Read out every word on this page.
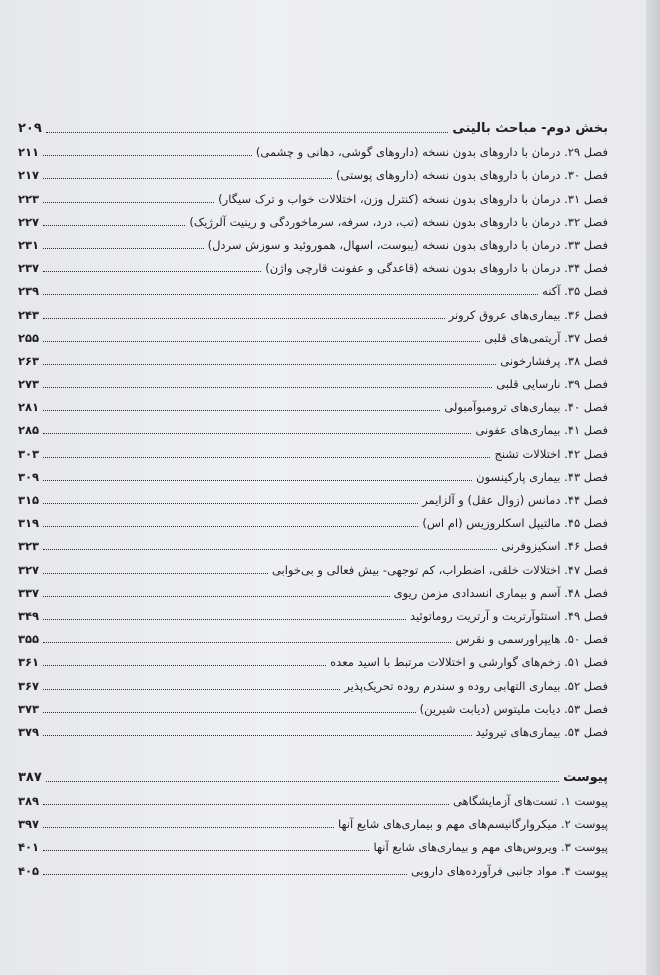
بخش دوم- مباحث بالینی
۲۰۹
فصل ۲۹. درمان با داروهای بدون نسخه (داروهای گوشی، دهانی و چشمی)
۲۱۱
فصل ۳۰. درمان با داروهای بدون نسخه (داروهای پوستی)
۲۱۷
فصل ۳۱. درمان با داروهای بدون نسخه (کنترل وزن، اختلالات خواب و ترک سیگار)
۲۲۳
فصل ۳۲. درمان با داروهای بدون نسخه (تب، درد، سرفه، سرماخوردگی و رینیت آلرژیک)
۲۲۷
فصل ۳۳. درمان با داروهای بدون نسخه (یبوست، اسهال، هموروئید و سوزش سردل)
۲۳۱
فصل ۳۴. درمان با داروهای بدون نسخه (قاعدگی و عفونت قارچی واژن)
۲۳۷
فصل ۳۵. آکنه
۲۳۹
فصل ۳۶. بیماری‌های عروق کرونر
۲۴۳
فصل ۳۷. آریتمی‌های قلبی
۲۵۵
فصل ۳۸. پرفشارخونی
۲۶۳
فصل ۳۹. نارسایی قلبی
۲۷۳
فصل ۴۰. بیماری‌های ترومبوآمبولی
۲۸۱
فصل ۴۱. بیماری‌های عفونی
۲۸۵
فصل ۴۲. اختلالات تشنج
۳۰۳
فصل ۴۳. بیماری پارکینسون
۳۰۹
فصل ۴۴. دمانس (زوال عقل) و آلزایمر
۳۱۵
فصل ۴۵. مالتیپل اسکلروزیس (ام اس)
۳۱۹
فصل ۴۶. اسکیزوفرنی
۳۲۳
فصل ۴۷. اختلالات خلقی، اضطراب، کم توجهی- بیش فعالی و بی‌خوابی
۳۲۷
فصل ۴۸. آسم و بیماری انسدادی مزمن ریوی
۳۳۷
فصل ۴۹. استئوآرتریت و آرتریت روماتوئید
۳۴۹
فصل ۵۰. هایپراورسمی و نقرس
۳۵۵
فصل ۵۱. زخم‌های گوارشی و اختلالات مرتبط با اسید معده
۳۶۱
فصل ۵۲. بیماری التهابی روده و سندرم روده تحریک‌پذیر
۳۶۷
فصل ۵۳. دیابت ملیتوس (دیابت شیرین)
۳۷۳
فصل ۵۴. بیماری‌های تیروئید
۳۷۹
پیوست
۳۸۷
پیوست ۱. تست‌های آزمایشگاهی
۳۸۹
پیوست ۲. میکروارگانیسم‌های مهم و بیماری‌های شایع آنها
۳۹۷
پیوست ۳. ویروس‌های مهم و بیماری‌های شایع آنها
۴۰۱
پیوست ۴. مواد جانبی فرآورده‌های دارویی
۴۰۵
